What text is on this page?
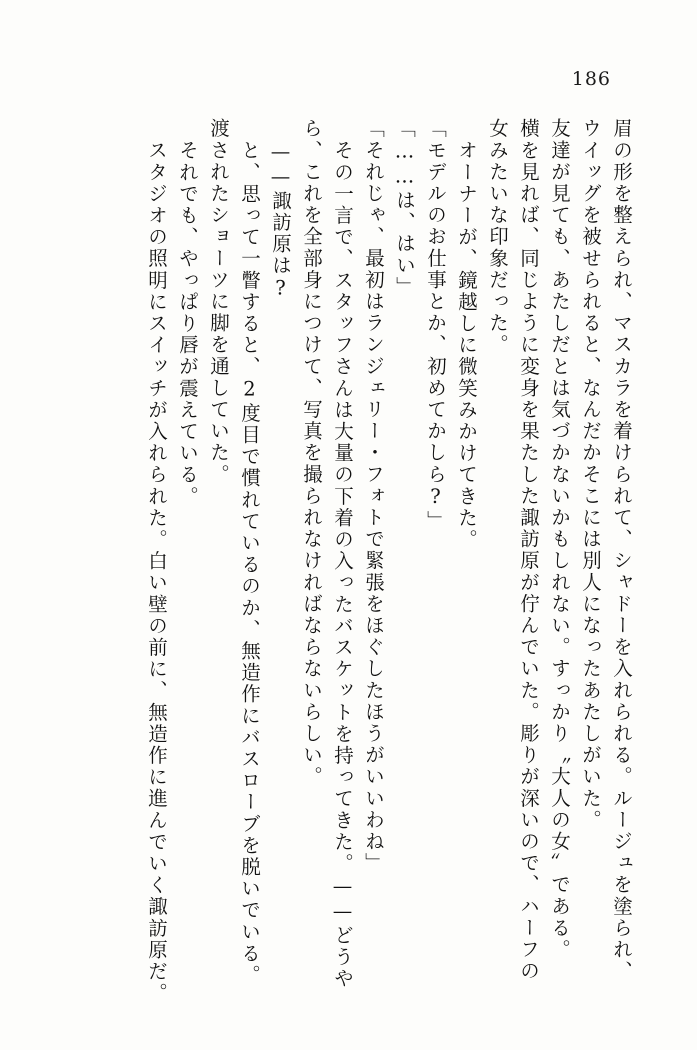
186
眉の形を整えられ、マスカラを着けられて、シャドーを入れられる。ルージュを塗られ、
ウイッグを被せられると、なんだかそこには別人になったあたしがいた。
友達が見ても、あたしだとは気づかないかもしれない。すっかり〝大人の女〟である。
横を見れば、同じように変身を果たした諏訪原が佇んでいた。彫りが深いので、ハーフの
女みたいな印象だった。
オーナーが、鏡越しに微笑みかけてきた。
「モデルのお仕事とか、初めてかしら?」
「……は、はい」
「それじゃ、最初はランジェリー・フォトで緊張をほぐしたほうがいいわね」
その一言で、スタッフさんは大量の下着の入ったバスケットを持ってきた。——どうや
ら、これを全部身につけて、写真を撮られなければならないらしい。
——諏訪原は?
と、思って一瞥すると、2度目で慣れているのか、無造作にバスローブを脱いでいる。
渡されたショーツに脚を通していた。
それでも、やっぱり唇が震えている。
スタジオの照明にスイッチが入れられた。白い壁の前に、無造作に進んでいく諏訪原だ。
